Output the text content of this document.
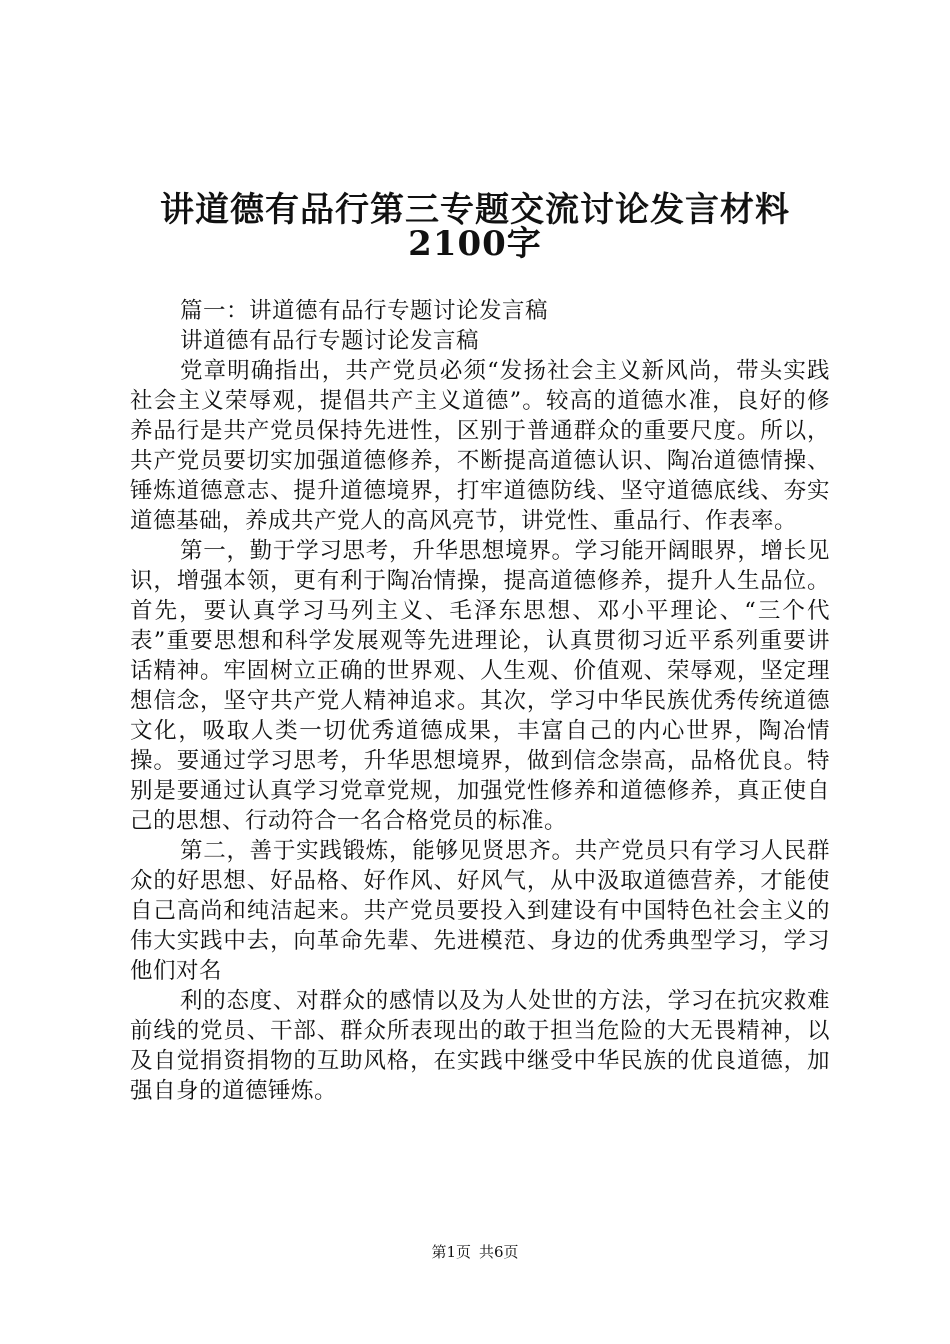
讲道德有品行第三专题交流讨论发言材料
2100字

篇一：讲道德有品行专题讨论发言稿

讲道德有品行专题讨论发言稿

党章明确指出，共产党员必须“发扬社会主义新风尚，带头实践社会主义荣辱观，提倡共产主义道德”。较高的道德水准，良好的修养品行是共产党员保持先进性，区别于普通群众的重要尺度。所以，共产党员要切实加强道德修养，不断提高道德认识、陶冶道德情操、锤炼道德意志、提升道德境界，打牢道德防线、坚守道德底线、夯实道德基础，养成共产党人的高风亮节，讲党性、重品行、作表率。

第一，勤于学习思考，升华思想境界。学习能开阔眼界，增长见识，增强本领，更有利于陶冶情操，提高道德修养，提升人生品位。首先，要认真学习马列主义、毛泽东思想、邓小平理论、“三个代表”重要思想和科学发展观等先进理论，认真贯彻习近平系列重要讲话精神。牢固树立正确的世界观、人生观、价值观、荣辱观，坚定理想信念，坚守共产党人精神追求。其次，学习中华民族优秀传统道德文化，吸取人类一切优秀道德成果，丰富自己的内心世界，陶冶情操。要通过学习思考，升华思想境界，做到信念崇高，品格优良。特别是要通过认真学习党章党规，加强党性修养和道德修养，真正使自己的思想、行动符合一名合格党员的标准。

第二，善于实践锻炼，能够见贤思齐。共产党员只有学习人民群众的好思想、好品格、好作风、好风气，从中汲取道德营养，才能使自己高尚和纯洁起来。共产党员要投入到建设有中国特色社会主义的伟大实践中去，向革命先辈、先进模范、身边的优秀典型学习，学习他们对名

利的态度、对群众的感情以及为人处世的方法，学习在抗灾救难前线的党员、干部、群众所表现出的敢于担当危险的大无畏精神，以及自觉捐资捐物的互助风格，在实践中继受中华民族的优良道德，加强自身的道德锤炼。

第1页 共6页
